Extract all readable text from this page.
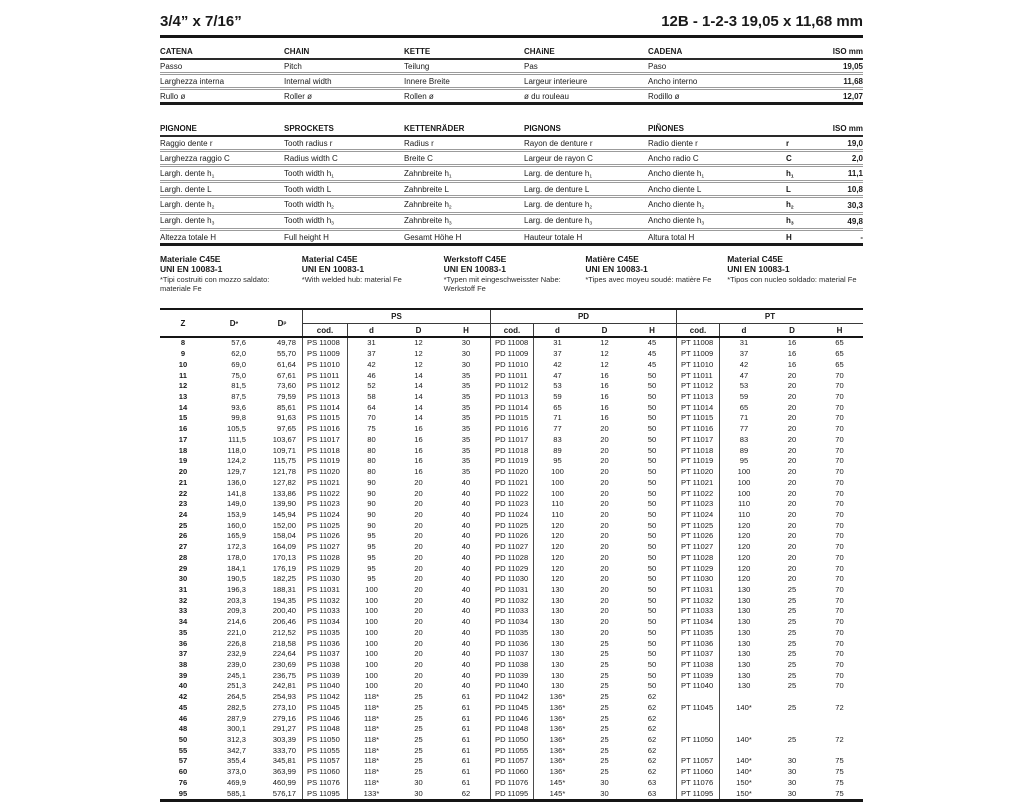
3/4” x 7/16”	12B - 1-2-3 19,05 x 11,68 mm
CATENA	CHAIN	KETTE	CHAiNE	CADENA	ISO mm
Passo	Pitch	Teilung	Pas	Paso	19,05
Larghezza interna	Internal width	Innere Breite	Largeur interieure	Ancho interno	11,68
Rullo ø	Roller ø	Rollen ø	ø du rouleau	Rodillo ø	12,07
PIGNONE	SPROCKETS	KETTENRÄDER	PIGNONS	PIÑONES	ISO mm
Raggio dente r	Tooth radius r	Radius r	Rayon de denture r	Radio diente r	r	19,0
Larghezza raggio C	Radius width C	Breite C	Largeur de rayon C	Ancho radio C	C	2,0
Largh. dente $h_1$	Tooth width $h_1$	Zahnbreite $h_1$	Larg. de denture $h_1$	Ancho diente $h_1$	$h_1$	11,1
Largh. dente L	Tooth width L	Zahnbreite L	Larg. de denture L	Ancho diente L	L	10,8
Largh. dente $h_2$	Tooth width $h_2$	Zahnbreite $h_2$	Larg. de denture $h_2$	Ancho diente $h_2$	$h_2$	30,3
Largh. dente $h_3$	Tooth width $h_3$	Zahnbreite $h_3$	Larg. de denture $h_3$	Ancho diente $h_3$	$h_3$	49,8
Altezza totale H	Full height H	Gesamt Höhe H	Hauteur totale H	Altura total H	H	-
Materiale C45E
UNI EN 10083-1
*Tipi costruiti con mozzo saldato: materiale Fe
Material C45E
UNI EN 10083-1
*With welded hub: material Fe
Werkstoff C45E
UNI EN 10083-1
*Typen mit eingeschweisster Nabe: Werkstoff Fe
Matière C45E
UNI EN 10083-1
*Tipes avec moyeu soudé: matière Fe
Material C45E
UNI EN 10083-1
*Tipos con nucleo soldado: material Fe
Z	D e	D p
PS	PD	PT
cod.	d	D	H	cod.	d	D	H	cod.	d	D	H
8	57,6	49,78	PS 11008	31	12	30	PD 11008	31	12	45	PT 11008	31	16	65
9	62,0	55,70	PS 11009	37	12	30	PD 11009	37	12	45	PT 11009	37	16	65
10	69,0	61,64	PS 11010	42	12	30	PD 11010	42	12	45	PT 11010	42	16	65
11	75,0	67,61	PS 11011	46	14	35	PD 11011	47	16	50	PT 11011	47	20	70
12	81,5	73,60	PS 11012	52	14	35	PD 11012	53	16	50	PT 11012	53	20	70
13	87,5	79,59	PS 11013	58	14	35	PD 11013	59	16	50	PT 11013	59	20	70
14	93,6	85,61	PS 11014	64	14	35	PD 11014	65	16	50	PT 11014	65	20	70
15	99,8	91,63	PS 11015	70	14	35	PD 11015	71	16	50	PT 11015	71	20	70
16	105,5	97,65	PS 11016	75	16	35	PD 11016	77	20	50	PT 11016	77	20	70
17	111,5	103,67	PS 11017	80	16	35	PD 11017	83	20	50	PT 11017	83	20	70
18	118,0	109,71	PS 11018	80	16	35	PD 11018	89	20	50	PT 11018	89	20	70
19	124,2	115,75	PS 11019	80	16	35	PD 11019	95	20	50	PT 11019	95	20	70
20	129,7	121,78	PS 11020	80	16	35	PD 11020	100	20	50	PT 11020	100	20	70
21	136,0	127,82	PS 11021	90	20	40	PD 11021	100	20	50	PT 11021	100	20	70
22	141,8	133,86	PS 11022	90	20	40	PD 11022	100	20	50	PT 11022	100	20	70
23	149,0	139,90	PS 11023	90	20	40	PD 11023	110	20	50	PT 11023	110	20	70
24	153,9	145,94	PS 11024	90	20	40	PD 11024	110	20	50	PT 11024	110	20	70
25	160,0	152,00	PS 11025	90	20	40	PD 11025	120	20	50	PT 11025	120	20	70
26	165,9	158,04	PS 11026	95	20	40	PD 11026	120	20	50	PT 11026	120	20	70
27	172,3	164,09	PS 11027	95	20	40	PD 11027	120	20	50	PT 11027	120	20	70
28	178,0	170,13	PS 11028	95	20	40	PD 11028	120	20	50	PT 11028	120	20	70
29	184,1	176,19	PS 11029	95	20	40	PD 11029	120	20	50	PT 11029	120	20	70
30	190,5	182,25	PS 11030	95	20	40	PD 11030	120	20	50	PT 11030	120	20	70
31	196,3	188,31	PS 11031	100	20	40	PD 11031	130	20	50	PT 11031	130	25	70
32	203,3	194,35	PS 11032	100	20	40	PD 11032	130	20	50	PT 11032	130	25	70
33	209,3	200,40	PS 11033	100	20	40	PD 11033	130	20	50	PT 11033	130	25	70
34	214,6	206,46	PS 11034	100	20	40	PD 11034	130	20	50	PT 11034	130	25	70
35	221,0	212,52	PS 11035	100	20	40	PD 11035	130	20	50	PT 11035	130	25	70
36	226,8	218,58	PS 11036	100	20	40	PD 11036	130	25	50	PT 11036	130	25	70
37	232,9	224,64	PS 11037	100	20	40	PD 11037	130	25	50	PT 11037	130	25	70
38	239,0	230,69	PS 11038	100	20	40	PD 11038	130	25	50	PT 11038	130	25	70
39	245,1	236,75	PS 11039	100	20	40	PD 11039	130	25	50	PT 11039	130	25	70
40	251,3	242,81	PS 11040	100	20	40	PD 11040	130	25	50	PT 11040	130	25	70
42	264,5	254,93	PS 11042	118*	25	61	PD 11042	136*	25	62
45	282,5	273,10	PS 11045	118*	25	61	PD 11045	136*	25	62	PT 11045	140*	25	72
46	287,9	279,16	PS 11046	118*	25	61	PD 11046	136*	25	62
48	300,1	291,27	PS 11048	118*	25	61	PD 11048	136*	25	62
50	312,3	303,39	PS 11050	118*	25	61	PD 11050	136*	25	62	PT 11050	140*	25	72
55	342,7	333,70	PS 11055	118*	25	61	PD 11055	136*	25	62
57	355,4	345,81	PS 11057	118*	25	61	PD 11057	136*	25	62	PT 11057	140*	30	75
60	373,0	363,99	PS 11060	118*	25	61	PD 11060	136*	25	62	PT 11060	140*	30	75
76	469,9	460,99	PS 11076	118*	30	61	PD 11076	145*	30	63	PT 11076	150*	30	75
95	585,1	576,17	PS 11095	133*	30	62	PD 11095	145*	30	63	PT 11095	150*	30	75
